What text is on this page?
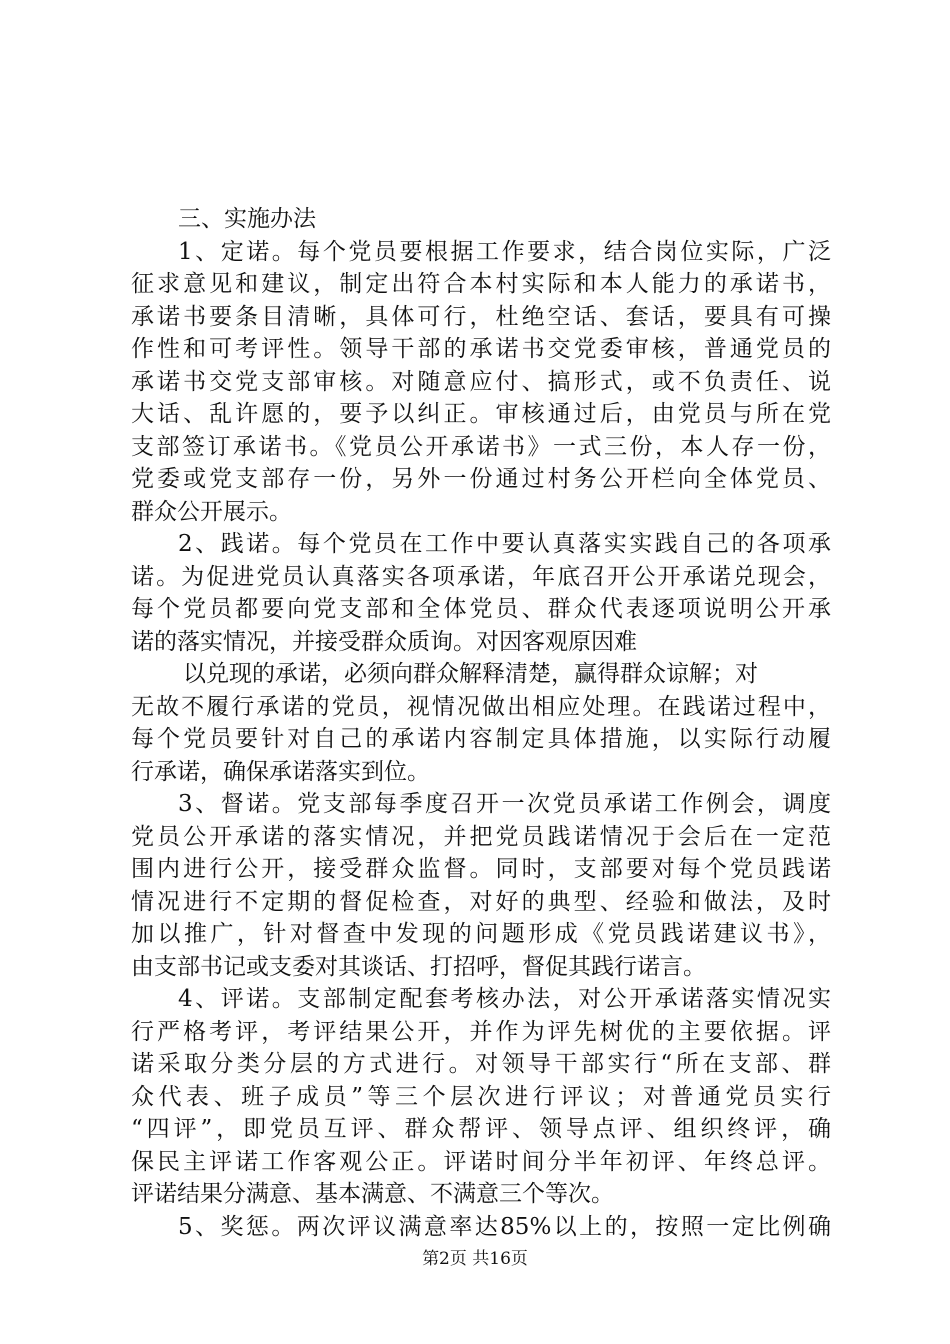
三、实施办法
1、定诺。每个党员要根据工作要求，结合岗位实际，广泛
征求意见和建议，制定出符合本村实际和本人能力的承诺书，
承诺书要条目清晰，具体可行，杜绝空话、套话，要具有可操
作性和可考评性。领导干部的承诺书交党委审核，普通党员的
承诺书交党支部审核。对随意应付、搞形式，或不负责任、说
大话、乱许愿的，要予以纠正。审核通过后，由党员与所在党
支部签订承诺书。《党员公开承诺书》一式三份，本人存一份，
党委或党支部存一份，另外一份通过村务公开栏向全体党员、
群众公开展示。
2、践诺。每个党员在工作中要认真落实实践自己的各项承
诺。为促进党员认真落实各项承诺，年底召开公开承诺兑现会，
每个党员都要向党支部和全体党员、群众代表逐项说明公开承
诺的落实情况，并接受群众质询。对因客观原因难
以兑现的承诺，必须向群众解释清楚，赢得群众谅解；对
无故不履行承诺的党员，视情况做出相应处理。在践诺过程中，
每个党员要针对自己的承诺内容制定具体措施，以实际行动履
行承诺，确保承诺落实到位。
3、督诺。党支部每季度召开一次党员承诺工作例会，调度
党员公开承诺的落实情况，并把党员践诺情况于会后在一定范
围内进行公开，接受群众监督。同时，支部要对每个党员践诺
情况进行不定期的督促检查，对好的典型、经验和做法，及时
加以推广，针对督查中发现的问题形成《党员践诺建议书》，
由支部书记或支委对其谈话、打招呼，督促其践行诺言。
4、评诺。支部制定配套考核办法，对公开承诺落实情况实
行严格考评，考评结果公开，并作为评先树优的主要依据。评
诺采取分类分层的方式进行。对领导干部实行“所在支部、群
众代表、班子成员”等三个层次进行评议；对普通党员实行
“四评”，即党员互评、群众帮评、领导点评、组织终评，确
保民主评诺工作客观公正。评诺时间分半年初评、年终总评。
评诺结果分满意、基本满意、不满意三个等次。
5、奖惩。两次评议满意率达85%以上的，按照一定比例确
第2页 共16页
